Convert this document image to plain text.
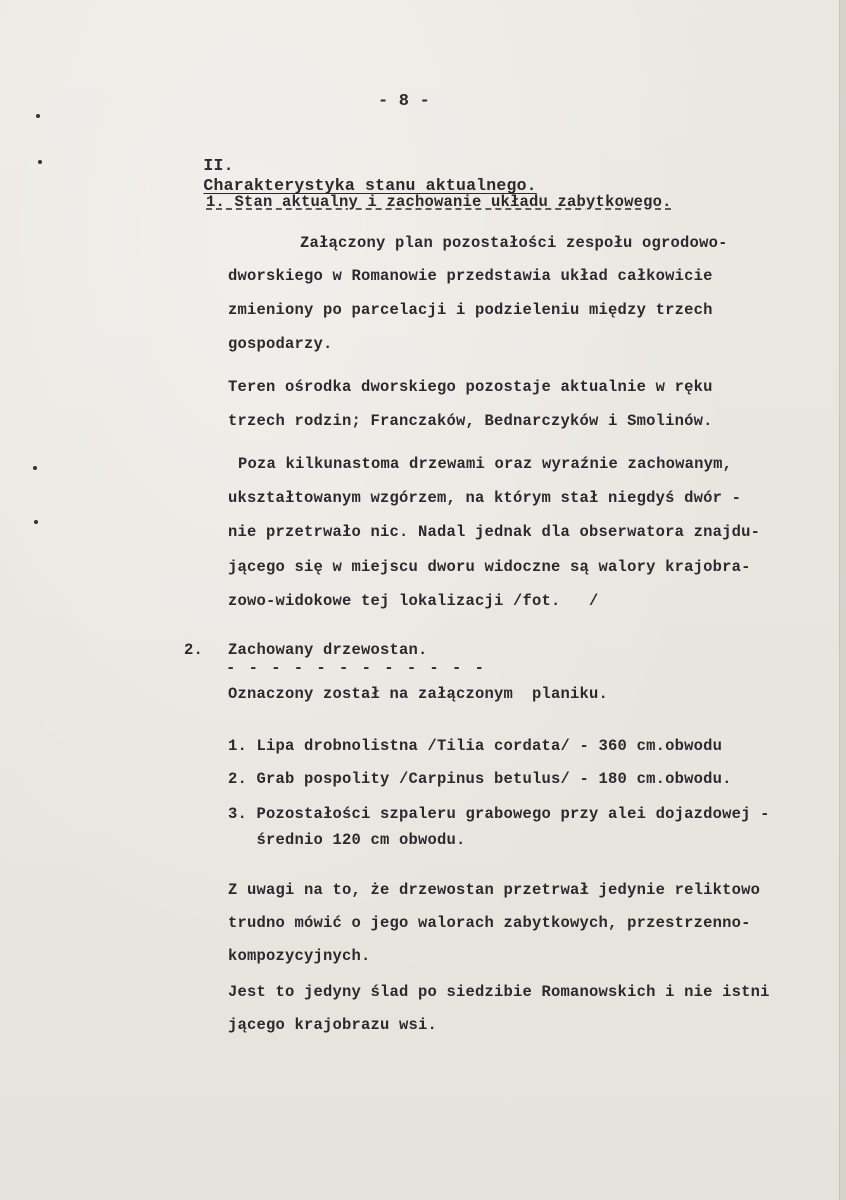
- 8 -

II.
Charakterystyka stanu aktualnego.

1. Stan aktualny i zachowanie układu zabytkowego.
Załączony plan pozostałości zespołu ogrodowo-
dworskiego w Romanowie przedstawia układ całkowicie
zmieniony po parcelacji i podzieleniu między trzech
gospodarzy.
Teren ośrodka dworskiego pozostaje aktualnie w ręku
trzech rodzin; Franczaków, Bednarczyków i Smolinów.
Poza kilkunastoma drzewami oraz wyraźnie zachowanym,
ukształtowanym wzgórzem, na którym stał niegdyś dwór -
nie przetrwało nic. Nadal jednak dla obserwatora znajdu-
jącego się w miejscu dworu widoczne są walory krajobra-
zowo-widokowe tej lokalizacji /fot.   /
2. Zachowany drzewostan.
- - - - - - - - - - - -
Oznaczony został na załączonym  planiku.
1. Lipa drobnolistna /Tilia cordata/ - 360 cm.obwodu
2. Grab pospolity /Carpinus betulus/ - 180 cm.obwodu.
3. Pozostałości szpaleru grabowego przy alei dojazdowej -
średnio 120 cm obwodu.
Z uwagi na to, że drzewostan przetrwał jedynie reliktowo
trudno mówić o jego walorach zabytkowych, przestrzenno-
kompozycyjnych.
Jest to jedyny ślad po siedzibie Romanowskich i nie istni
jącego krajobrazu wsi.
